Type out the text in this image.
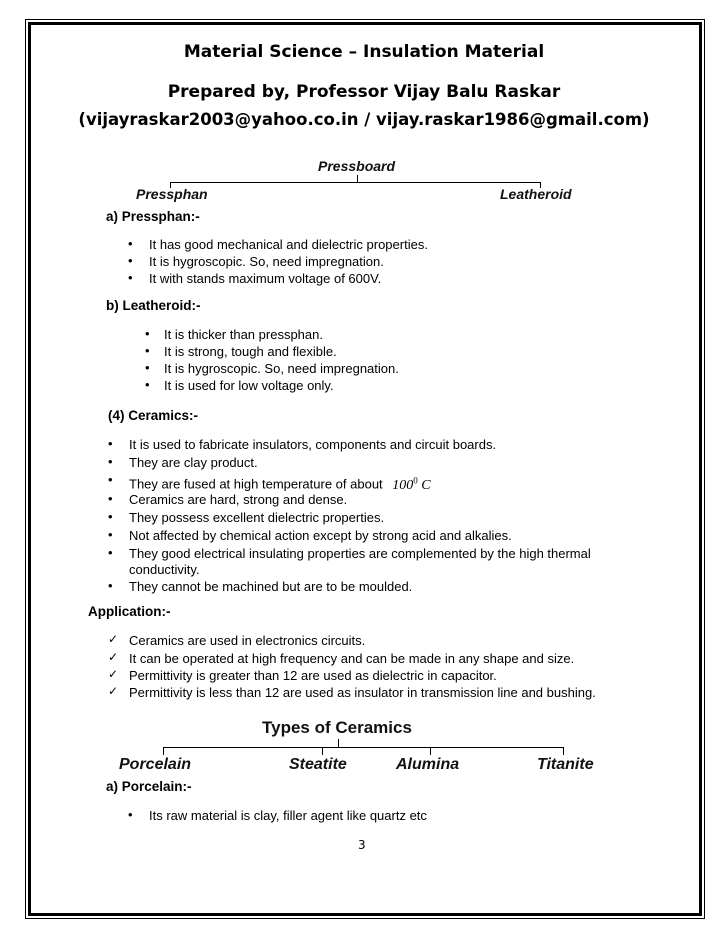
Material Science – Insulation Material
Prepared by, Professor Vijay Balu Raskar
(vijayraskar2003@yahoo.co.in / vijay.raskar1986@gmail.com)
Pressboard
Pressphan	Leatheroid
a) Pressphan:-
• It has good mechanical and dielectric properties.
• It is hygroscopic. So, need impregnation.
• It with stands maximum voltage of 600V.
b) Leatheroid:-
• It is thicker than pressphan.
• It is strong, tough and flexible.
• It is hygroscopic. So, need impregnation.
• It is used for low voltage only.
(4) Ceramics:-
• It is used to fabricate insulators, components and circuit boards.
• They are clay product.
• They are fused at high temperature of about $100^0$ C
• Ceramics are hard, strong and dense.
• They possess excellent dielectric properties.
• Not affected by chemical action except by strong acid and alkalies.
• They good electrical insulating properties are complemented by the high thermal
conductivity.
• They cannot be machined but are to be moulded.
Application:-
✓ Ceramics are used in electronics circuits.
✓ It can be operated at high frequency and can be made in any shape and size.
✓ Permittivity is greater than 12 are used as dielectric in capacitor.
✓ Permittivity is less than 12 are used as insulator in transmission line and bushing.
Types of Ceramics
Porcelain	Steatite	Alumina	Titanite
a) Porcelain:-
• Its raw material is clay, filler agent like quartz etc
3
